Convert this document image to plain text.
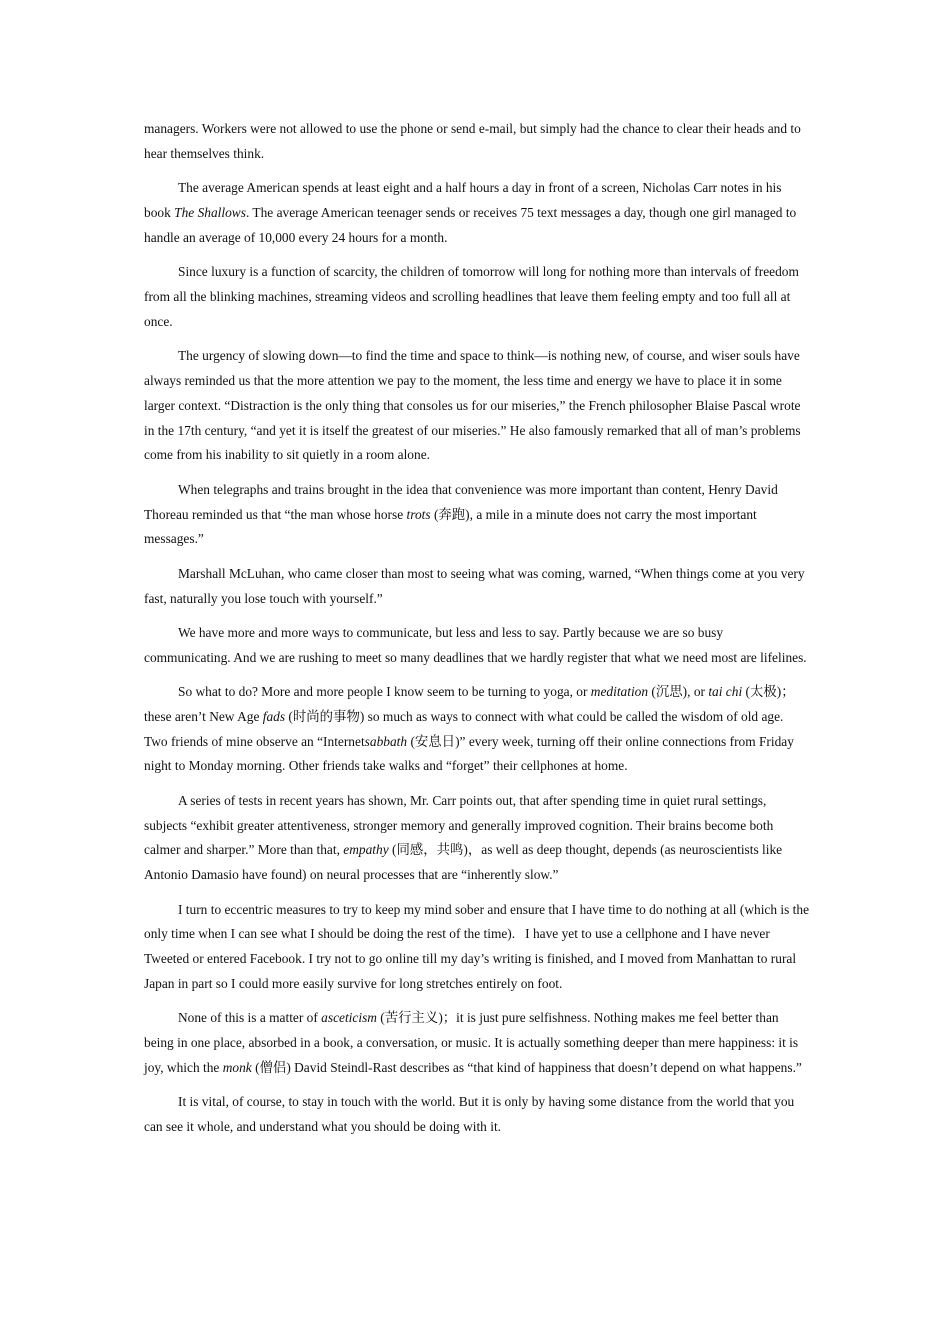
managers. Workers were not allowed to use the phone or send e-mail, but simply had the chance to clear their heads and to hear themselves think.

The average American spends at least eight and a half hours a day in front of a screen, Nicholas Carr notes in his book The Shallows. The average American teenager sends or receives 75 text messages a day, though one girl managed to handle an average of 10,000 every 24 hours for a month.

Since luxury is a function of scarcity, the children of tomorrow will long for nothing more than intervals of freedom from all the blinking machines, streaming videos and scrolling headlines that leave them feeling empty and too full all at once.

The urgency of slowing down—to find the time and space to think—is nothing new, of course, and wiser souls have always reminded us that the more attention we pay to the moment, the less time and energy we have to place it in some larger context. “Distraction is the only thing that consoles us for our miseries,” the French philosopher Blaise Pascal wrote in the 17th century, “and yet it is itself the greatest of our miseries.” He also famously remarked that all of man’s problems come from his inability to sit quietly in a room alone.

When telegraphs and trains brought in the idea that convenience was more important than content, Henry David Thoreau reminded us that “the man whose horse trots (奔跑), a mile in a minute does not carry the most important messages.”

Marshall McLuhan, who came closer than most to seeing what was coming, warned, “When things come at you very fast, naturally you lose touch with yourself.”

We have more and more ways to communicate, but less and less to say. Partly because we are so busy communicating. And we are rushing to meet so many deadlines that we hardly register that what we need most are lifelines.

So what to do? More and more people I know seem to be turning to yoga, or meditation (沉思), or tai chi (太极)；these aren’t New Age fads (时尚的事物) so much as ways to connect with what could be called the wisdom of old age. Two friends of mine observe an “Internetsabbath (安息日)” every week, turning off their online connections from Friday night to Monday morning. Other friends take walks and “forget” their cellphones at home.

A series of tests in recent years has shown, Mr. Carr points out, that after spending time in quiet rural settings, subjects “exhibit greater attentiveness, stronger memory and generally improved cognition. Their brains become both calmer and sharper.” More than that, empathy (同感，共鸣)，as well as deep thought, depends (as neuroscientists like Antonio Damasio have found) on neural processes that are “inherently slow.”

I turn to eccentric measures to try to keep my mind sober and ensure that I have time to do nothing at all (which is the only time when I can see what I should be doing the rest of the time).   I have yet to use a cellphone and I have never Tweeted or entered Facebook. I try not to go online till my day’s writing is finished, and I moved from Manhattan to rural Japan in part so I could more easily survive for long stretches entirely on foot.

None of this is a matter of asceticism (苦行主义)；it is just pure selfishness. Nothing makes me feel better than being in one place, absorbed in a book, a conversation, or music. It is actually something deeper than mere happiness: it is joy, which the monk (僧侣) David Steindl-Rast describes as “that kind of happiness that doesn’t depend on what happens.”

It is vital, of course, to stay in touch with the world. But it is only by having some distance from the world that you can see it whole, and understand what you should be doing with it.
